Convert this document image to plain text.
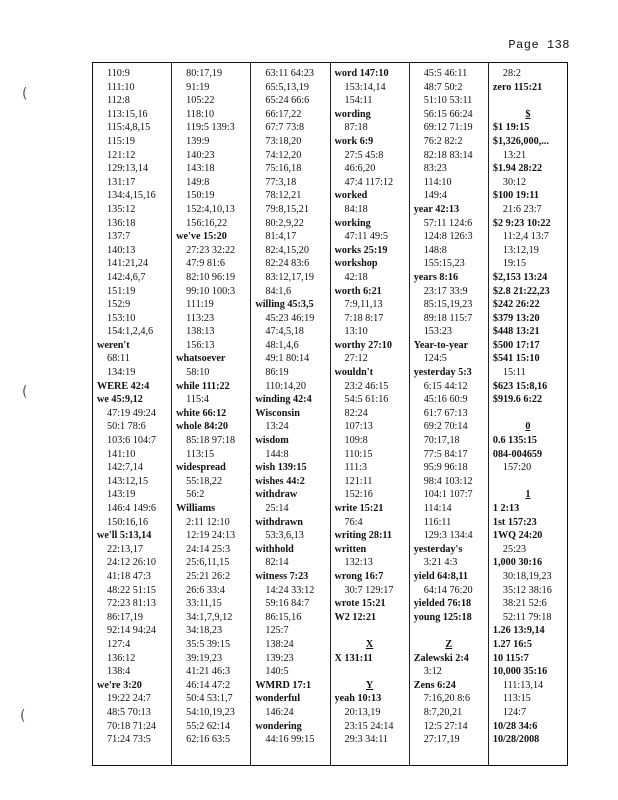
Page 138
(
(
(
110:9
111:10
112:8
113:15,16
115:4,8,15
115:19
121:12
129:13,14
131:17
134:4,15,16
135:12
136:18
137:7
140:13
141:21,24
142:4,6,7
151:19
152:9
153:10
154:1,2,4,6
weren't
68:11
134:19
WERE 42:4
we 45:9,12
47:19 49:24
50:1 78:6
103:6 104:7
141:10
142:7,14
143:12,15
143:19
146:4 149:6
150:16,16
we'll 5:13,14
22:13,17
24:12 26:10
41:18 47:3
48:22 51:15
72:23 81:13
86:17,19
92:14 94:24
127:4
136:12
138:4
we're 3:20
19:22 24:7
48:5 70:13
70:18 71:24
71:24 73:5
80:17,19
91:19
105:22
118:10
119:5 139:3
139:9
140:23
143:18
149:8
150:19
152:4,10,13
156:16,22
we've 15:20
27:23 32:22
47:9 81:6
82:10 96:19
99:10 100:3
111:19
113:23
138:13
156:13
whatsoever
58:10
while 111:22
115:4
white 66:12
whole 84:20
85:18 97:18
113:15
widespread
55:18,22
56:2
Williams
2:11 12:10
12:19 24:13
24:14 25:3
25:6,11,15
25:21 26:2
26:6 33:4
33:11,15
34:1,7,9,12
34:18,23
35:5 39:15
39:19,23
41:21 46:3
46:14 47:2
50:4 53:1,7
54:10,19,23
55:2 62:14
62:16 63:5
63:11 64:23
65:5,13,19
65:24 66:6
66:17,22
67:7 73:8
73:18,20
74:12,20
75:16,18
77:3,18
78:12,21
79:8,15,21
80:2,9,22
81:4,17
82:4,15,20
82:24 83:6
83:12,17,19
84:1,6
willing 45:3,5
45:23 46:19
47:4,5,18
48:1,4,6
49:1 80:14
86:19
110:14,20
winding 42:4
Wisconsin
13:24
wisdom
144:8
wish 139:15
wishes 44:2
withdraw
25:14
withdrawn
53:3,6,13
withhold
82:14
witness 7:23
14:24 33:12
59:16 84:7
86:15,16
125:7
138:24
139:23
140:5
WMRD 17:1
wonderful
146:24
wondering
44:16 99:15
word 147:10
153:14,14
154:11
wording
87:18
work 6:9
27:5 45:8
46:6,20
47:4 117:12
worked
84:18
working
47:11 49:5
works 25:19
workshop
42:18
worth 6:21
7:9,11,13
7:18 8:17
13:10
worthy 27:10
27:12
wouldn't
23:2 46:15
54:5 61:16
82:24
107:13
109:8
110:15
111:3
121:11
152:16
write 15:21
76:4
writing 28:11
written
132:13
wrong 16:7
30:7 129:17
wrote 15:21
W2 12:21
X
X 131:11
Y
yeah 10:13
20:13,19
23:15 24:14
29:3 34:11
45:5 46:11
48:7 50:2
51:10 53:11
56:15 66:24
69:12 71:19
76:2 82:2
82:18 83:14
83:23
114:10
149:4
year 42:13
57:11 124:6
124:8 126:3
148:8
155:15,23
years 8:16
23:17 33:9
85:15,19,23
89:18 115:7
153:23
Year-to-year
124:5
yesterday 5:3
6:15 44:12
45:16 60:9
61:7 67:13
69:2 70:14
70:17,18
77:5 84:17
95:9 96:18
98:4 103:12
104:1 107:7
114:14
116:11
129:3 134:4
yesterday's
3:21 4:3
yield 64:8,11
64:14 76:20
yielded 76:18
young 125:18
Z
Zalewski 2:4
3:12
Zens 6:24
7:16,20 8:6
8:7,20,21
12:5 27:14
27:17,19
28:2
zero 115:21
$
$1 19:15
$1,326,000,...
13:21
$1.94 28:22
30:12
$100 19:11
21:6 23:7
$2 9:23 10:22
11:2,4 13:7
13:12,19
19:15
$2,153 13:24
$2.8 21:22,23
$242 26:22
$379 13:20
$448 13:21
$500 17:17
$541 15:10
15:11
$623 15:8,16
$919.6 6:22
0
0.6 135:15
084-004659
157:20
1
1 2:13
1st 157:23
1WQ 24:20
25:23
1,000 30:16
30:18,19,23
35:12 38:16
38:21 52:6
52:11 79:18
1.26 13:9,14
1.27 16:5
10 115:7
10,000 35:16
111:13,14
113:15
124:7
10/28 34:6
10/28/2008
